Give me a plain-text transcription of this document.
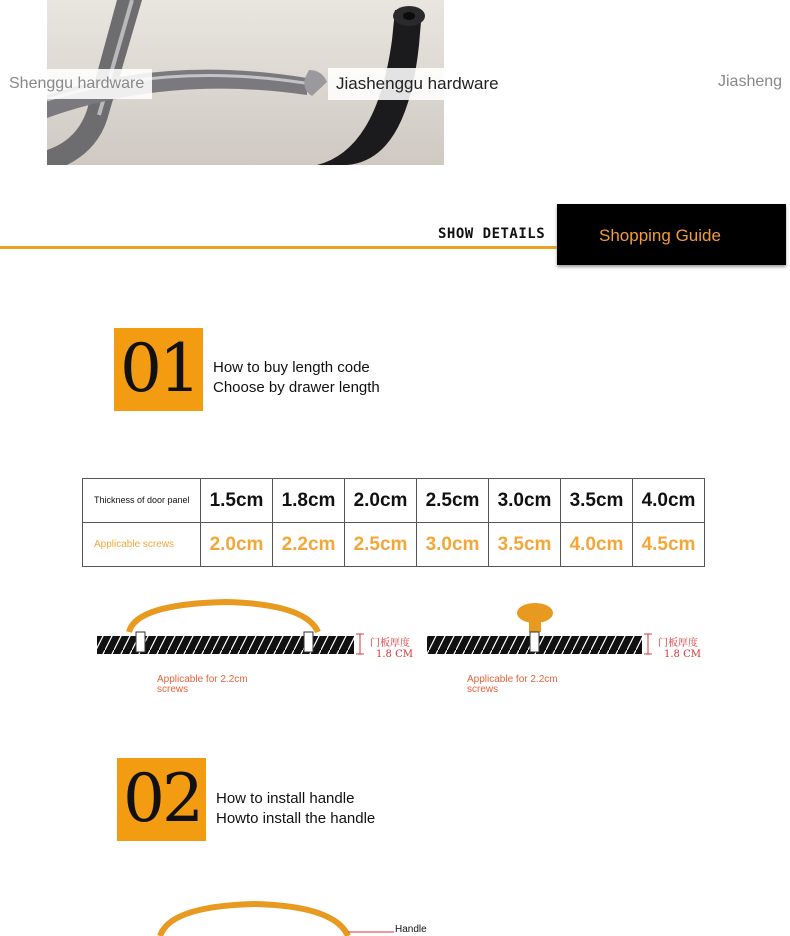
Shenggu hardware	Jiashenggu hardware	Jiasheng
SHOW DETAILS	Shopping Guide
01 How to buy length code
Choose by drawer length
Thickness of door panel	1.5cm	1.8cm	2.0cm	2.5cm	3.0cm	3.5cm	4.0cm
Applicable screws	2.0cm	2.2cm	2.5cm	3.0cm	3.5cm	4.0cm	4.5cm
门板厚度
1.8 CM
门板厚度
1.8 CM
Applicable for 2.2cm screws
Applicable for 2.2cm screws
02 How to install handle
Howto install the handle
Handle
